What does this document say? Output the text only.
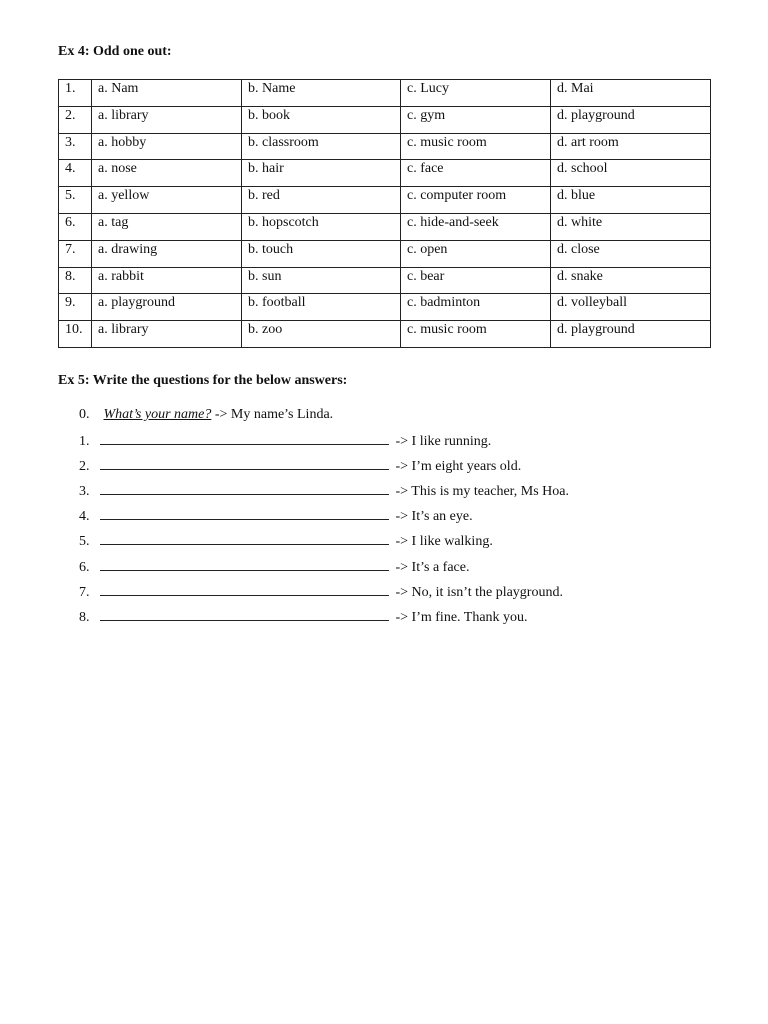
Ex 4: Odd one out:
1.	a. Nam	b. Name	c. Lucy	d. Mai
2.	a. library	b. book	c. gym	d. playground
3.	a. hobby	b. classroom	c. music room	d. art room
4.	a. nose	b. hair	c. face	d. school
5.	a. yellow	b. red	c. computer room	d. blue
6.	a. tag	b. hopscotch	c. hide-and-seek	d. white
7.	a. drawing	b. touch	c. open	d. close
8.	a. rabbit	b. sun	c. bear	d. snake
9.	a. playground	b. football	c. badminton	d. volleyball
10.	a. library	b. zoo	c. music room	d. playground
Ex 5: Write the questions for the below answers:
0. What’s your name? -> My name’s Linda.
1.	-> I like running.
2.	-> I’m eight years old.
3.	-> This is my teacher, Ms Hoa.
4.	-> It’s an eye.
5.	-> I like walking.
6.	-> It’s a face.
7.	-> No, it isn’t the playground.
8.	-> I’m fine. Thank you.
